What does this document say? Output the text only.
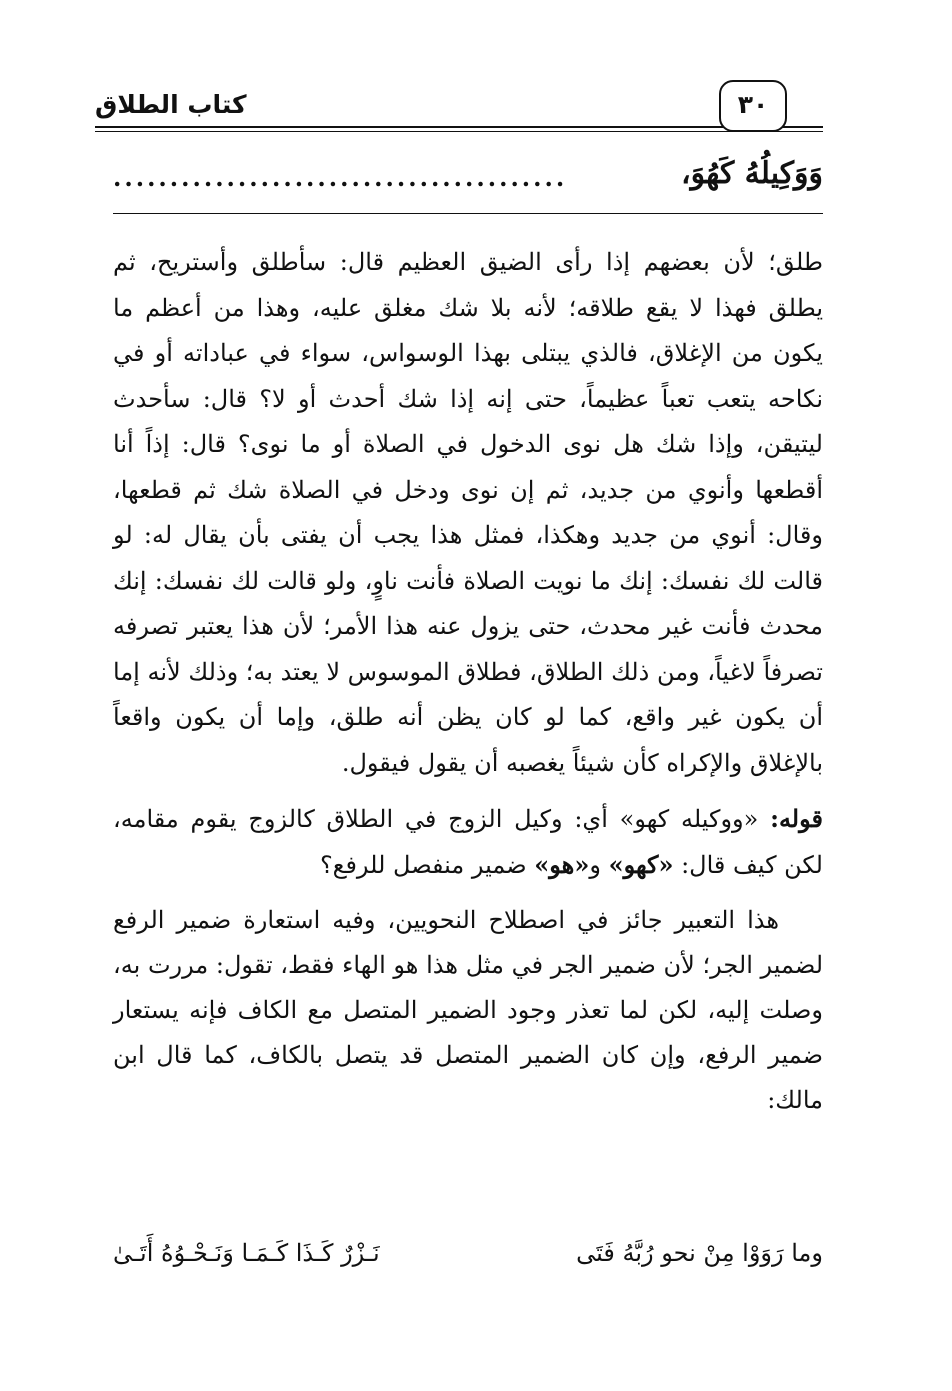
كتاب الطلاق	٣٠
وَوَكِيلُهُ كَهُوَ،
........................................

طلق؛ لأن بعضهم إذا رأى الضيق العظيم قال: سأطلق وأستريح، ثم يطلق فهذا لا يقع طلاقه؛ لأنه بلا شك مغلق عليه، وهذا من أعظم ما يكون من الإغلاق، فالذي يبتلى بهذا الوسواس، سواء في عباداته أو في نكاحه يتعب تعباً عظيماً، حتى إنه إذا شك أحدث أو لا؟ قال: سأحدث ليتيقن، وإذا شك هل نوى الدخول في الصلاة أو ما نوى؟ قال: إذاً أنا أقطعها وأنوي من جديد، ثم إن نوى ودخل في الصلاة شك ثم قطعها، وقال: أنوي من جديد وهكذا، فمثل هذا يجب أن يفتى بأن يقال له: لو قالت لك نفسك: إنك ما نويت الصلاة فأنت ناوٍ، ولو قالت لك نفسك: إنك محدث فأنت غير محدث، حتى يزول عنه هذا الأمر؛ لأن هذا يعتبر تصرفه تصرفاً لاغياً، ومن ذلك الطلاق، فطلاق الموسوس لا يعتد به؛ وذلك لأنه إما أن يكون غير واقع، كما لو كان يظن أنه طلق، وإما أن يكون واقعاً بالإغلاق والإكراه كأن شيئاً يغصبه أن يقول فيقول.

قوله: «ووكيله كهو» أي: وكيل الزوج في الطلاق كالزوج يقوم مقامه، لكن كيف قال: «كهو» و«هو» ضمير منفصل للرفع؟

هذا التعبير جائز في اصطلاح النحويين، وفيه استعارة ضمير الرفع لضمير الجر؛ لأن ضمير الجر في مثل هذا هو الهاء فقط، تقول: مررت به، وصلت إليه، لكن لما تعذر وجود الضمير المتصل مع الكاف فإنه يستعار ضمير الرفع، وإن كان الضمير المتصل قد يتصل بالكاف، كما قال ابن مالك:

وما رَوَوْا مِنْ نحو رُبَّهُ فَتَى
نَـزْرٌ كَـذَا كَـمَـا وَنَـحْـوُهُ أَتَـىٰ
